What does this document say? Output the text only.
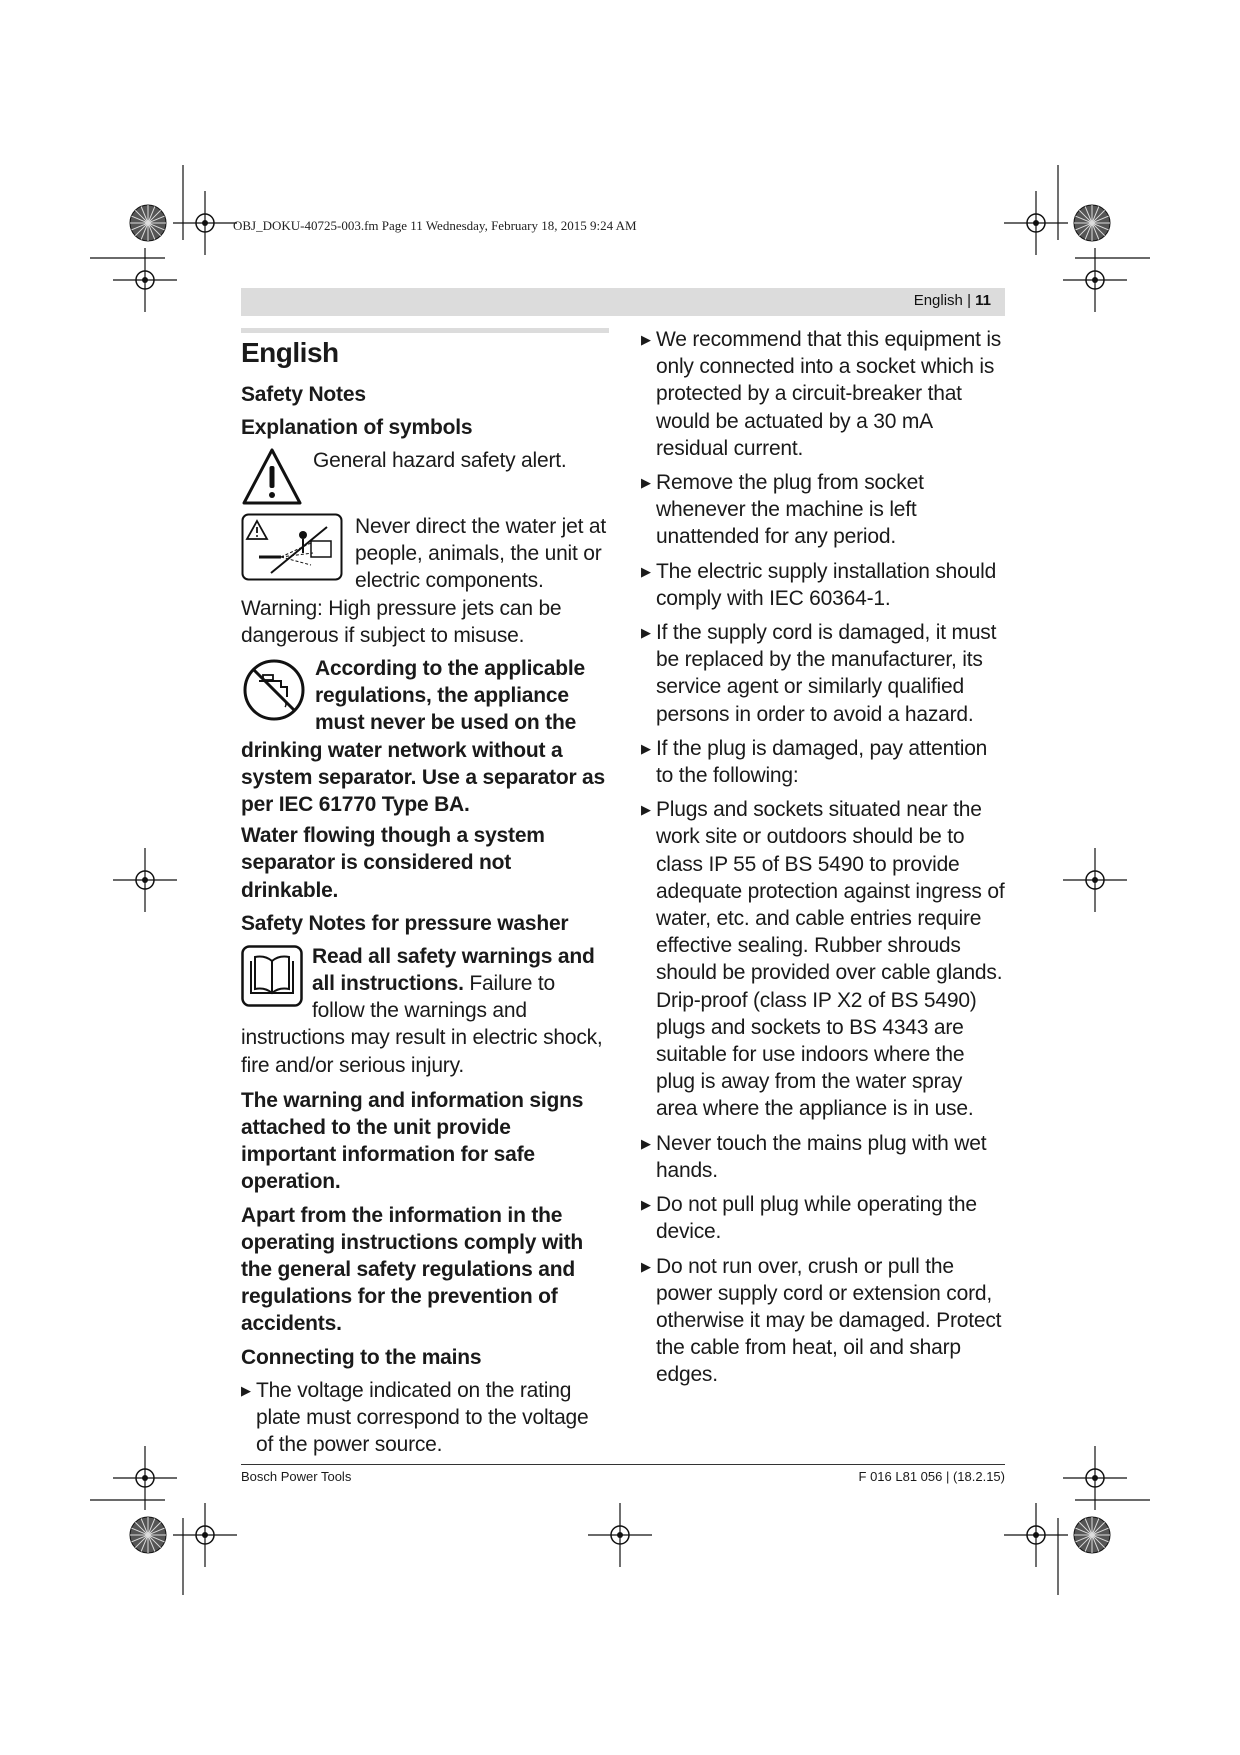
OBJ_DOKU-40725-003.fm Page 11 Wednesday, February 18, 2015 9:24 AM
English | 11
English
Safety Notes
Explanation of symbols
General hazard safety alert.
Never direct the water jet at people, animals, the unit or electric components.

Warning: High pressure jets can be dangerous if subject to misuse.

According to the applicable regulations, the appliance must never be used on the drinking water network without a system separator. Use a separator as per IEC 61770 Type BA.

Water flowing though a system separator is considered not drinkable.

Safety Notes for pressure washer
Read all safety warnings and all instructions. Failure to follow the warnings and instructions may result in electric shock, fire and/or serious injury.

The warning and information signs attached to the unit provide important information for safe operation.

Apart from the information in the operating instructions comply with the general safety regulations and regulations for the prevention of accidents.

Connecting to the mains
▶ The voltage indicated on the rating plate must correspond to the voltage of the power source.
▶ We recommend that this equipment is only connected into a socket which is protected by a circuit-breaker that would be actuated by a 30 mA residual current.
▶ Remove the plug from socket whenever the machine is left unattended for any period.
▶ The electric supply installation should comply with IEC 60364-1.
▶ If the supply cord is damaged, it must be replaced by the manufacturer, its service agent or similarly qualified persons in order to avoid a hazard.
▶ If the plug is damaged, pay attention to the following:
▶ Plugs and sockets situated near the work site or outdoors should be to class IP 55 of BS 5490 to provide adequate protection against ingress of water, etc. and cable entries require effective sealing. Rubber shrouds should be provided over cable glands. Drip-proof (class IP X2 of BS 5490) plugs and sockets to BS 4343 are suitable for use indoors where the plug is away from the water spray area where the appliance is in use.
▶ Never touch the mains plug with wet hands.
▶ Do not pull plug while operating the device.
▶ Do not run over, crush or pull the power supply cord or extension cord, otherwise it may be damaged. Protect the cable from heat, oil and sharp edges.
Bosch Power Tools	F 016 L81 056 | (18.2.15)
